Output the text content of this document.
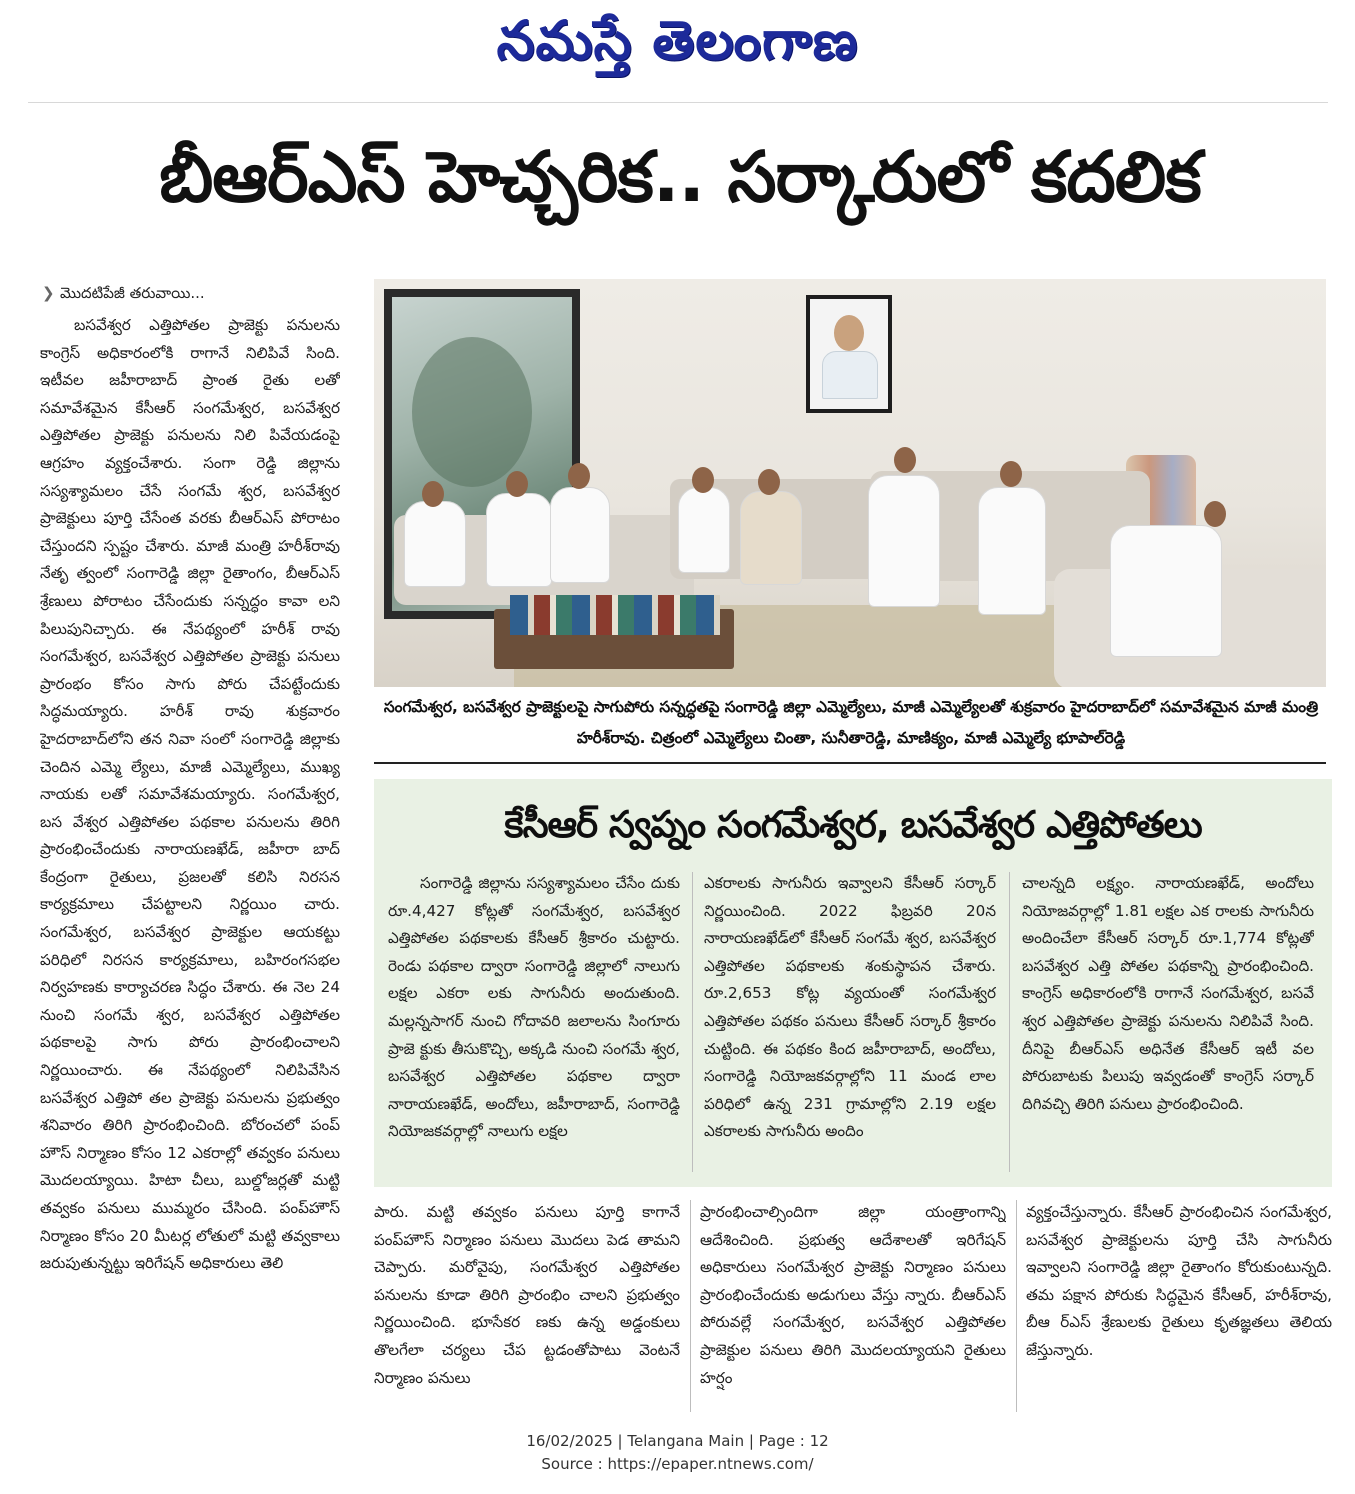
నమస్తే తెలంగాణ
బీఆర్ఎస్ హెచ్చరిక.. సర్కారులో కదలిక
❯ మొదటిపేజీ తరువాయి...
బసవేశ్వర ఎత్తిపోతల ప్రాజెక్టు పనులను కాంగ్రెస్ అధికారంలోకి రాగానే నిలిపివే సింది. ఇటీవల జహీరాబాద్ ప్రాంత రైతు లతో సమావేశమైన కేసీఆర్ సంగమేశ్వర, బసవేశ్వర ఎత్తిపోతల ప్రాజెక్టు పనులను నిలి పివేయడంపై ఆగ్రహం వ్యక్తంచేశారు. సంగా రెడ్డి జిల్లాను సస్యశ్యామలం చేసే సంగమే శ్వర, బసవేశ్వర ప్రాజెక్టులు పూర్తి చేసేంత వరకు బీఆర్ఎస్ పోరాటం చేస్తుందని స్పష్టం చేశారు. మాజీ మంత్రి హరీశ్‌రావు నేతృ త్వంలో సంగారెడ్డి జిల్లా రైతాంగం, బీఆర్ఎస్ శ్రేణులు పోరాటం చేసేందుకు సన్నద్ధం కావా లని పిలుపునిచ్చారు. ఈ నేపథ్యంలో హరీశ్ రావు సంగమేశ్వర, బసవేశ్వర ఎత్తిపోతల ప్రాజెక్టు పనులు ప్రారంభం కోసం సాగు పోరు చేపట్టేందుకు సిద్ధమయ్యారు. హరీశ్ రావు శుక్రవారం హైదరాబాద్‌లోని తన నివా సంలో సంగారెడ్డి జిల్లాకు చెందిన ఎమ్మె ల్యేలు, మాజీ ఎమ్మెల్యేలు, ముఖ్య నాయకు లతో సమావేశమయ్యారు. సంగమేశ్వర, బస వేశ్వర ఎత్తిపోతల పథకాల పనులను తిరిగి ప్రారంభించేందుకు నారాయణఖేడ్, జహీరా బాద్ కేంద్రంగా రైతులు, ప్రజలతో కలిసి నిరసన కార్యక్రమాలు చేపట్టాలని నిర్ణయిం చారు. సంగమేశ్వర, బసవేశ్వర ప్రాజెక్టుల ఆయకట్టు పరిధిలో నిరసన కార్యక్రమాలు, బహిరంగసభల నిర్వహణకు కార్యాచరణ సిద్ధం చేశారు. ఈ నెల 24 నుంచి సంగమే శ్వర, బసవేశ్వర ఎత్తిపోతల పథకాలపై సాగు పోరు ప్రారంభించాలని నిర్ణయించారు. ఈ నేపథ్యంలో నిలిపివేసిన బసవేశ్వర ఎత్తిపో తల ప్రాజెక్టు పనులను ప్రభుత్వం శనివారం తిరిగి ప్రారంభించింది. బోరంచలో పంప్ హౌస్ నిర్మాణం కోసం 12 ఎకరాల్లో తవ్వకం పనులు మొదలయ్యాయి. హిటా చీలు, బుల్డోజర్లతో మట్టి తవ్వకం పనులు ముమ్మరం చేసింది. పంప్‌హౌస్ నిర్మాణం కోసం 20 మీటర్ల లోతులో మట్టి తవ్వకాలు జరుపుతున్నట్టు ఇరిగేషన్ అధికారులు తెలి
సంగమేశ్వర, బసవేశ్వర ప్రాజెక్టులపై సాగుపోరు సన్నద్ధతపై సంగారెడ్డి జిల్లా ఎమ్మెల్యేలు, మాజీ ఎమ్మెల్యేలతో శుక్రవారం హైదరాబాద్‌లో సమావేశమైన మాజీ మంత్రి హరీశ్‌రావు. చిత్రంలో ఎమ్మెల్యేలు చింతా, సునీతారెడ్డి, మాణిక్యం, మాజీ ఎమ్మెల్యే భూపాల్‌రెడ్డి
కేసీఆర్ స్వప్నం సంగమేశ్వర, బసవేశ్వర ఎత్తిపోతలు
సంగారెడ్డి జిల్లాను సస్యశ్యామలం చేసేం దుకు రూ.4,427 కోట్లతో సంగమేశ్వర, బసవేశ్వర ఎత్తిపోతల పథకాలకు కేసీఆర్ శ్రీకారం చుట్టారు. రెండు పథకాల ద్వారా సంగారెడ్డి జిల్లాలో నాలుగు లక్షల ఎకరా లకు సాగునీరు అందుతుంది. మల్లన్నసాగర్ నుంచి గోదావరి జలాలను సింగూరు ప్రాజె క్టుకు తీసుకొచ్చి, అక్కడి నుంచి సంగమే శ్వర, బసవేశ్వర ఎత్తిపోతల పథకాల ద్వారా నారాయణఖేడ్, అందోలు, జహీరాబాద్, సంగారెడ్డి నియోజకవర్గాల్లో నాలుగు లక్షల
ఎకరాలకు సాగునీరు ఇవ్వాలని కేసీఆర్ సర్కార్ నిర్ణయించింది. 2022 ఫిబ్రవరి 20న నారాయణఖేడ్‌లో కేసీఆర్ సంగమే శ్వర, బసవేశ్వర ఎత్తిపోతల పథకాలకు శంకుస్థాపన చేశారు. రూ.2,653 కోట్ల వ్యయంతో సంగమేశ్వర ఎత్తిపోతల పథకం పనులు కేసీఆర్ సర్కార్ శ్రీకారం చుట్టింది. ఈ పథకం కింద జహీరాబాద్, అందోలు, సంగారెడ్డి నియోజకవర్గాల్లోని 11 మండ లాల పరిధిలో ఉన్న 231 గ్రామాల్లోని 2.19 లక్షల ఎకరాలకు సాగునీరు అందిం
చాలన్నది లక్ష్యం. నారాయణఖేడ్, అందోలు నియోజవర్గాల్లో 1.81 లక్షల ఎక రాలకు సాగునీరు అందించేలా కేసీఆర్ సర్కార్ రూ.1,774 కోట్లతో బసవేశ్వర ఎత్తి పోతల పథకాన్ని ప్రారంభించింది. కాంగ్రెస్ అధికారంలోకి రాగానే సంగమేశ్వర, బసవే శ్వర ఎత్తిపోతల ప్రాజెక్టు పనులను నిలిపివే సింది. దీనిపై బీఆర్ఎస్ అధినేత కేసీఆర్ ఇటీ వల పోరుబాటకు పిలుపు ఇవ్వడంతో కాంగ్రెస్ సర్కార్ దిగివచ్చి తిరిగి పనులు ప్రారంభించింది.
పారు. మట్టి తవ్వకం పనులు పూర్తి కాగానే పంప్‌హౌస్ నిర్మాణం పనులు మొదలు పెడ తామని చెప్పారు. మరోవైపు, సంగమేశ్వర ఎత్తిపోతల పనులను కూడా తిరిగి ప్రారంభిం చాలని ప్రభుత్వం నిర్ణయించింది. భూసేకర ణకు ఉన్న అడ్డంకులు తొలగేలా చర్యలు చేప ట్టడంతోపాటు వెంటనే నిర్మాణం పనులు
ప్రారంభించాల్సిందిగా జిల్లా యంత్రాంగాన్ని ఆదేశించింది. ప్రభుత్వ ఆదేశాలతో ఇరిగేషన్ అధికారులు సంగమేశ్వర ప్రాజెక్టు నిర్మాణం పనులు ప్రారంభించేందుకు అడుగులు వేస్తు న్నారు. బీఆర్ఎస్ పోరువల్లే సంగమేశ్వర, బసవేశ్వర ఎత్తిపోతల ప్రాజెక్టుల పనులు తిరిగి మొదలయ్యాయని రైతులు హర్షం
వ్యక్తంచేస్తున్నారు. కేసీఆర్ ప్రారంభించిన సంగమేశ్వర, బసవేశ్వర ప్రాజెక్టులను పూర్తి చేసి సాగునీరు ఇవ్వాలని సంగారెడ్డి జిల్లా రైతాంగం కోరుకుంటున్నది. తమ పక్షాన పోరుకు సిద్ధమైన కేసీఆర్, హరీశ్‌రావు, బీఆ ర్ఎస్ శ్రేణులకు రైతులు కృతజ్ఞతలు తెలియ జేస్తున్నారు.
16/02/2025 | Telangana Main | Page : 12
Source : https://epaper.ntnews.com/
